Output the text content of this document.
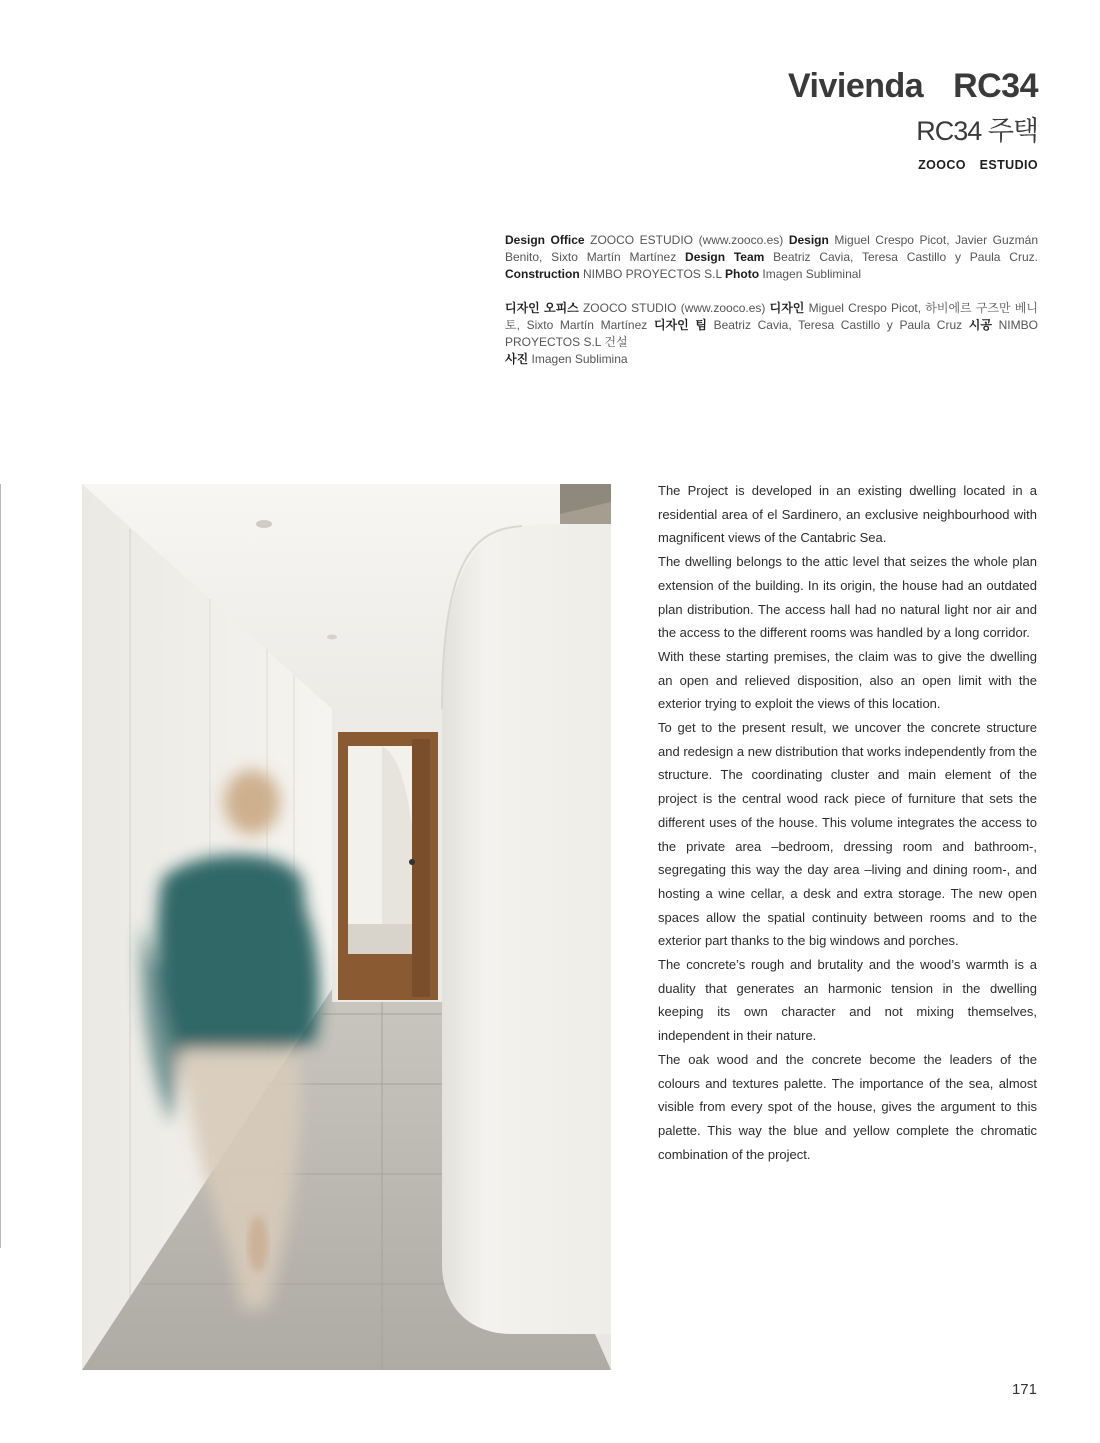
Vivienda  RC34
RC34 주택
ZOOCO  ESTUDIO

Design Office ZOOCO ESTUDIO (www.zooco.es) Design Miguel Crespo Picot, Javier Guzmán Benito, Sixto Martín Martínez Design Team Beatriz Cavia, Teresa Castillo y Paula Cruz. Construction NIMBO PROYECTOS S.L Photo Imagen Subliminal

디자인 오피스 ZOOCO STUDIO (www.zooco.es) 디자인 Miguel Crespo Picot, 하비에르 구즈만 베니토, Sixto Martín Martínez 디자인 팀 Beatriz Cavia, Teresa Castillo y Paula Cruz 시공 NIMBO PROYECTOS S.L 건설
사진 Imagen Sublimina

The Project is developed in an existing dwelling located in a residential area of el Sardinero, an exclusive neighbourhood with magnificent views of the Cantabric Sea.

The dwelling belongs to the attic level that seizes the whole plan extension of the building. In its origin, the house had an outdated plan distribution. The access hall had no natural light nor air and the access to the different rooms was handled by a long corridor.

With these starting premises, the claim was to give the dwelling an open and relieved disposition, also an open limit with the exterior trying to exploit the views of this location.

To get to the present result, we uncover the concrete structure and redesign a new distribution that works independently from the structure. The coordinating cluster and main element of the project is the central wood rack piece of furniture that sets the different uses of the house. This volume integrates the access to the private area –bedroom, dressing room and bathroom-, segregating this way the day area –living and dining room-, and hosting a wine cellar, a desk and extra storage. The new open spaces allow the spatial continuity between rooms and to the exterior part thanks to the big windows and porches.

The concrete’s rough and brutality and the wood’s warmth is a duality that generates an harmonic tension in the dwelling keeping its own character and not mixing themselves, independent in their nature.

The oak wood and the concrete become the leaders of the colours and textures palette. The importance of the sea, almost visible from every spot of the house, gives the argument to this palette. This way the blue and yellow complete the chromatic combination of the project.

171
